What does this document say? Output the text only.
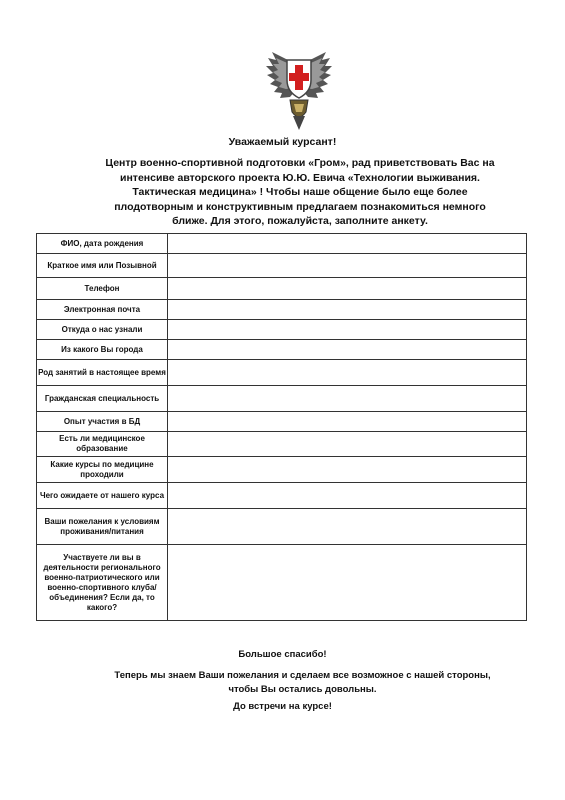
Уважаемый курсант!
Центр военно-спортивной подготовки «Гром», рад приветствовать Вас на
интенсиве авторского проекта Ю.Ю. Евича «Технологии выживания.
Тактическая медицина» ! Чтобы наше общение было еще более
плодотворным и конструктивным предлагаем познакомиться немного
ближе. Для этого, пожалуйста, заполните анкету.
ФИО, дата рождения	
Краткое имя или Позывной	
Телефон	
Электронная почта	
Откуда о нас узнали	
Из какого Вы города	
Род занятий в настоящее время	
Гражданская специальность	
Опыт участия в БД	
Есть ли медицинское образование	
Какие курсы по медицине проходили	
Чего ожидаете от нашего курса	
Ваши пожелания к условиям проживания/питания	
Участвуете ли вы в деятельности регионального военно-патриотического или военно-спортивного клуба/объединения? Если да, то какого?	
Большое спасибо!
Теперь мы знаем Ваши пожелания и сделаем все возможное с нашей стороны,
чтобы Вы остались довольны.
До встречи на курсе!
